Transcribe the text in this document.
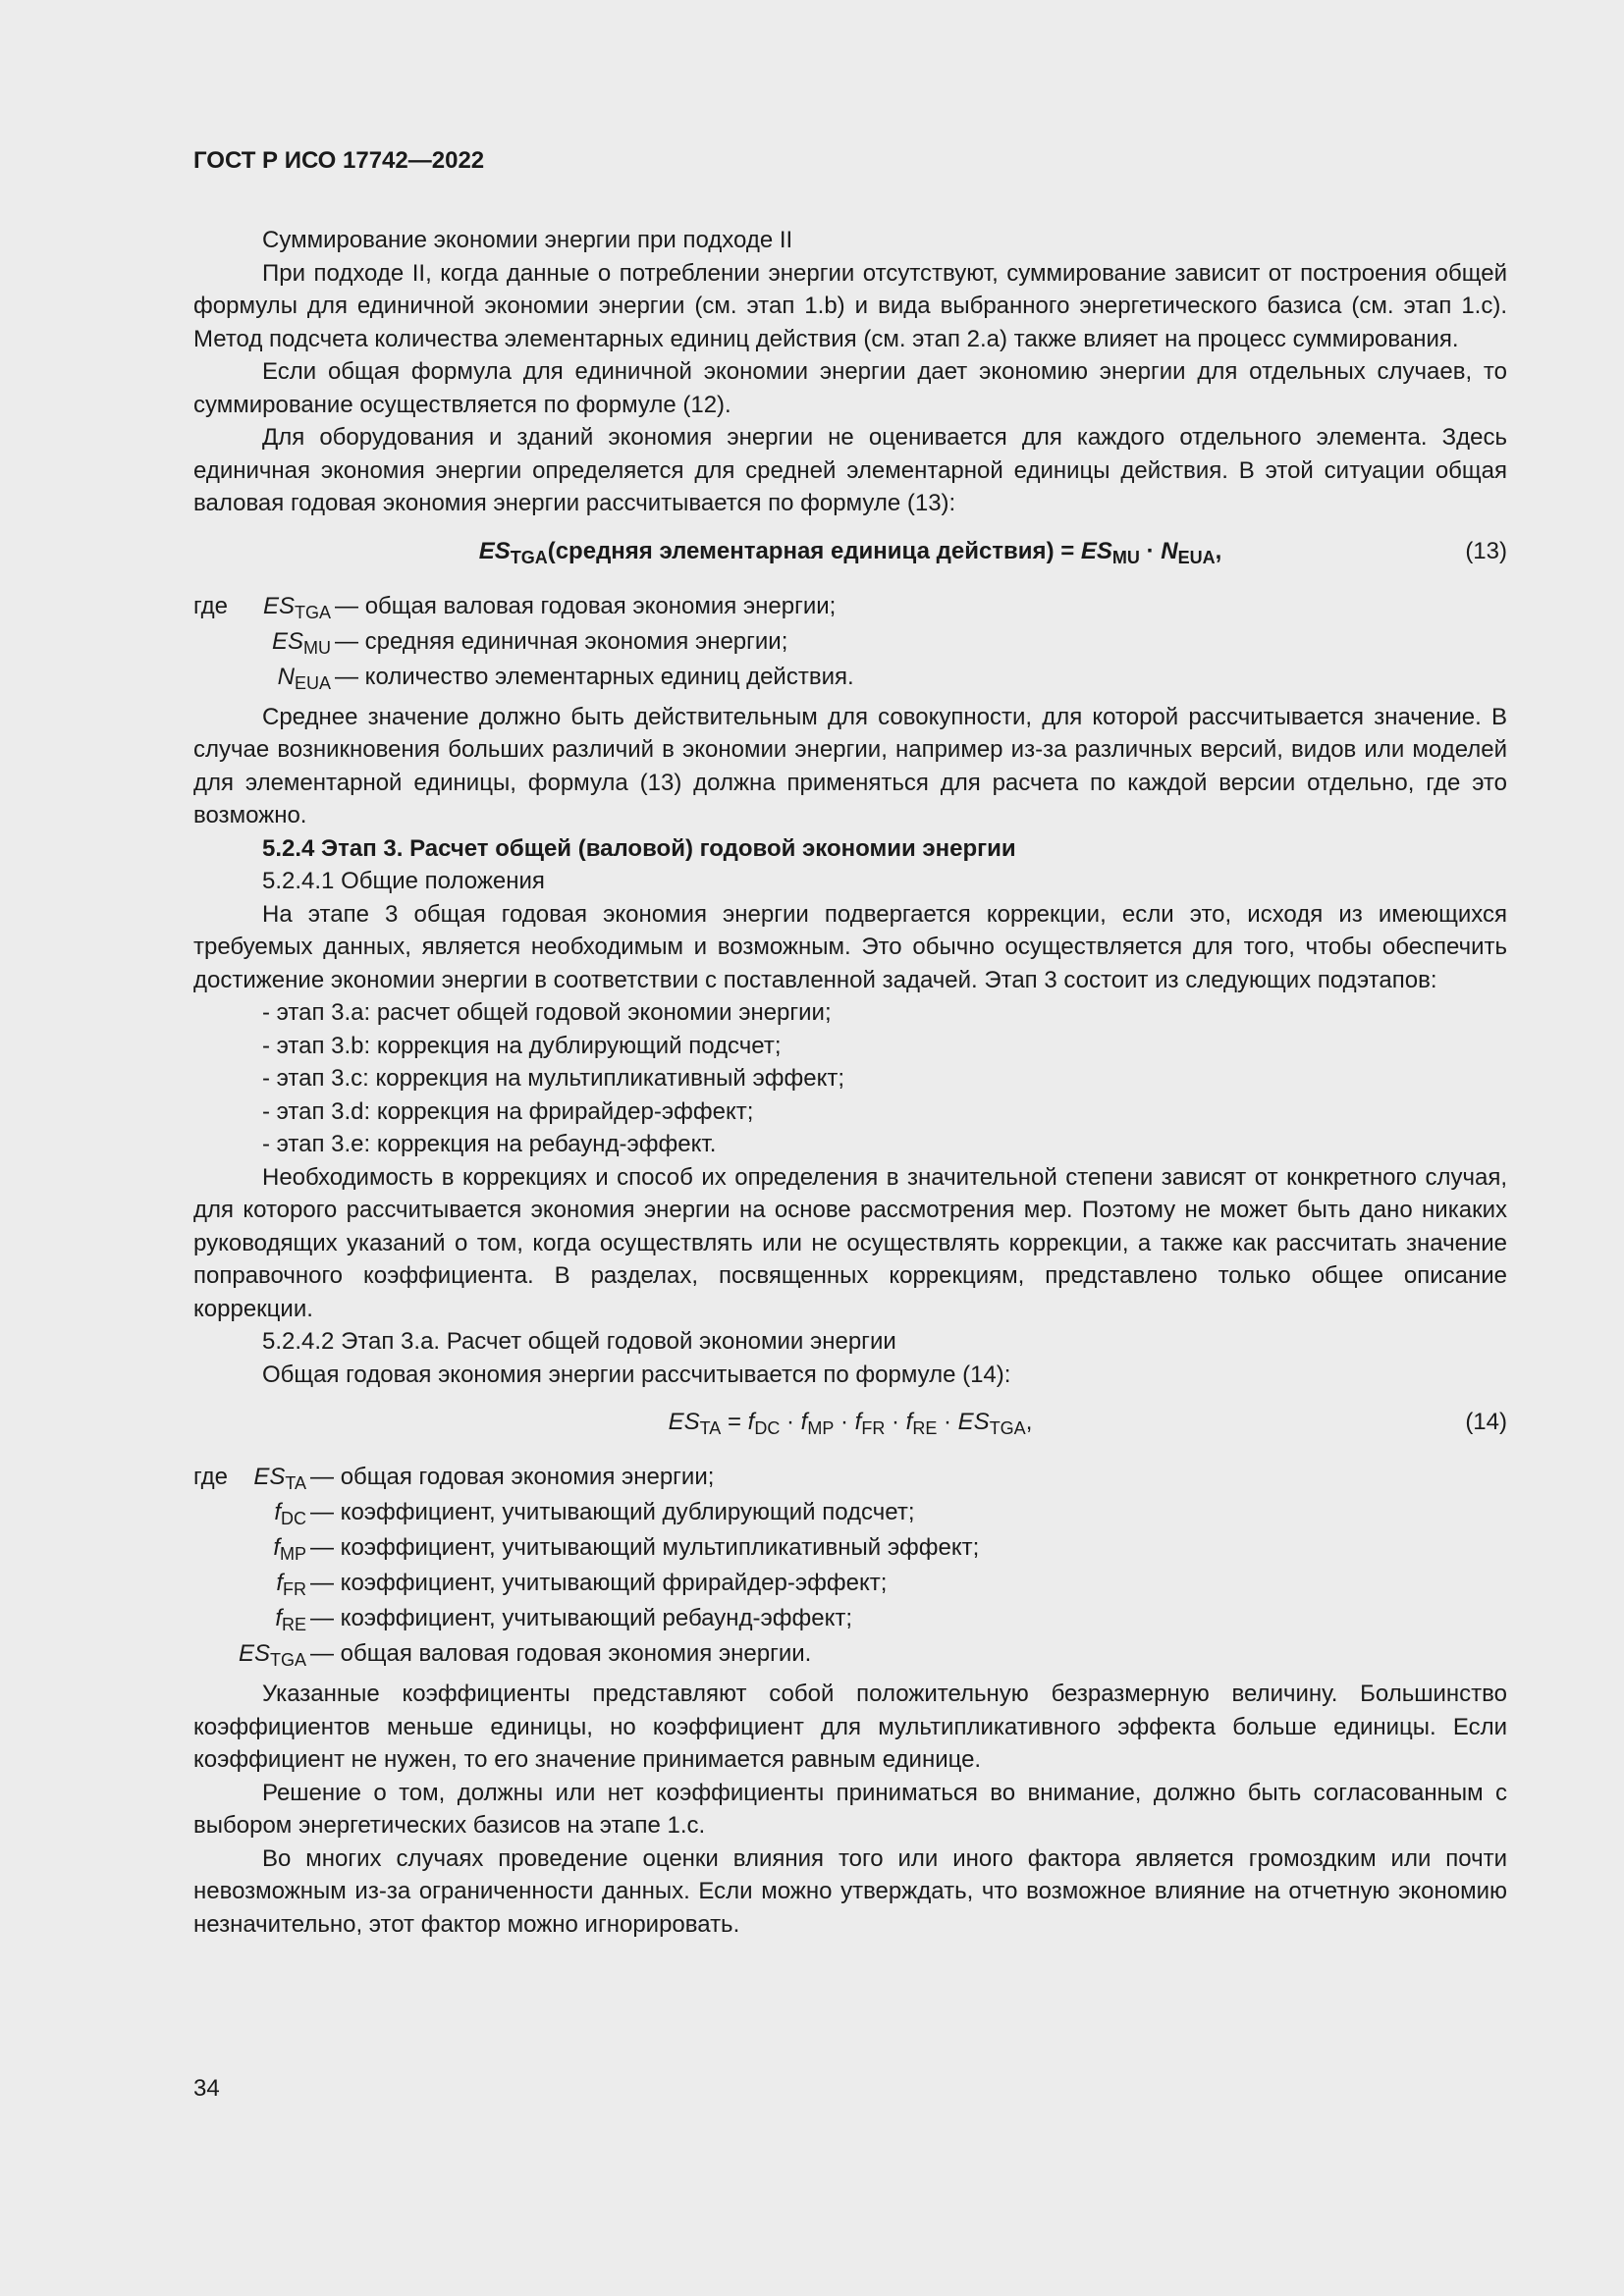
ГОСТ Р ИСО 17742—2022

Суммирование экономии энергии при подходе II

При подходе II, когда данные о потреблении энергии отсутствуют, суммирование зависит от построения общей формулы для единичной экономии энергии (см. этап 1.b) и вида выбранного энергетического базиса (см. этап 1.c). Метод подсчета количества элементарных единиц действия (см. этап 2.a) также влияет на процесс суммирования.

Если общая формула для единичной экономии энергии дает экономию энергии для отдельных случаев, то суммирование осуществляется по формуле (12).

Для оборудования и зданий экономия энергии не оценивается для каждого отдельного элемента. Здесь единичная экономия энергии определяется для средней элементарной единицы действия. В этой ситуации общая валовая годовая экономия энергии рассчитывается по формуле (13):

$ES_{TGA}(средняя$ элементарная единица действия) = $ES_{MU} \cdot N_{EUA}$,	(13)
где $ES_{TGA}$ — общая валовая годовая экономия энергии;
$ES_{MU}$ — средняя единичная экономия энергии;
$N_{EUA}$ — количество элементарных единиц действия.

Среднее значение должно быть действительным для совокупности, для которой рассчитывается значение. В случае возникновения больших различий в экономии энергии, например из-за различных версий, видов или моделей для элементарной единицы, формула (13) должна применяться для расчета по каждой версии отдельно, где это возможно.

5.2.4 Этап 3. Расчет общей (валовой) годовой экономии энергии

5.2.4.1 Общие положения

На этапе 3 общая годовая экономия энергии подвергается коррекции, если это, исходя из имеющихся требуемых данных, является необходимым и возможным. Это обычно осуществляется для того, чтобы обеспечить достижение экономии энергии в соответствии с поставленной задачей. Этап 3 состоит из следующих подэтапов:

- этап 3.a: расчет общей годовой экономии энергии;
- этап 3.b: коррекция на дублирующий подсчет;
- этап 3.c: коррекция на мультипликативный эффект;
- этап 3.d: коррекция на фрирайдер-эффект;
- этап 3.e: коррекция на ребаунд-эффект.

Необходимость в коррекциях и способ их определения в значительной степени зависят от конкретного случая, для которого рассчитывается экономия энергии на основе рассмотрения мер. Поэтому не может быть дано никаких руководящих указаний о том, когда осуществлять или не осуществлять коррекции, а также как рассчитать значение поправочного коэффициента. В разделах, посвященных коррекциям, представлено только общее описание коррекции.

5.2.4.2 Этап 3.a. Расчет общей годовой экономии энергии

Общая годовая экономия энергии рассчитывается по формуле (14):

$ES_{TA} = f_{DC} \cdot f_{MP} \cdot f_{FR} \cdot f_{RE} \cdot ES_{TGA}$,	(14)
где $ES_{TA}$ — общая годовая экономия энергии;
$f_{DC}$ — коэффициент, учитывающий дублирующий подсчет;
$f_{MP}$ — коэффициент, учитывающий мультипликативный эффект;
$f_{FR}$ — коэффициент, учитывающий фрирайдер-эффект;
$f_{RE}$ — коэффициент, учитывающий ребаунд-эффект;
$ES_{TGA}$ — общая валовая годовая экономия энергии.

Указанные коэффициенты представляют собой положительную безразмерную величину. Большинство коэффициентов меньше единицы, но коэффициент для мультипликативного эффекта больше единицы. Если коэффициент не нужен, то его значение принимается равным единице.

Решение о том, должны или нет коэффициенты приниматься во внимание, должно быть согласованным с выбором энергетических базисов на этапе 1.c.

Во многих случаях проведение оценки влияния того или иного фактора является громоздким или почти невозможным из-за ограниченности данных. Если можно утверждать, что возможное влияние на отчетную экономию незначительно, этот фактор можно игнорировать.

34
